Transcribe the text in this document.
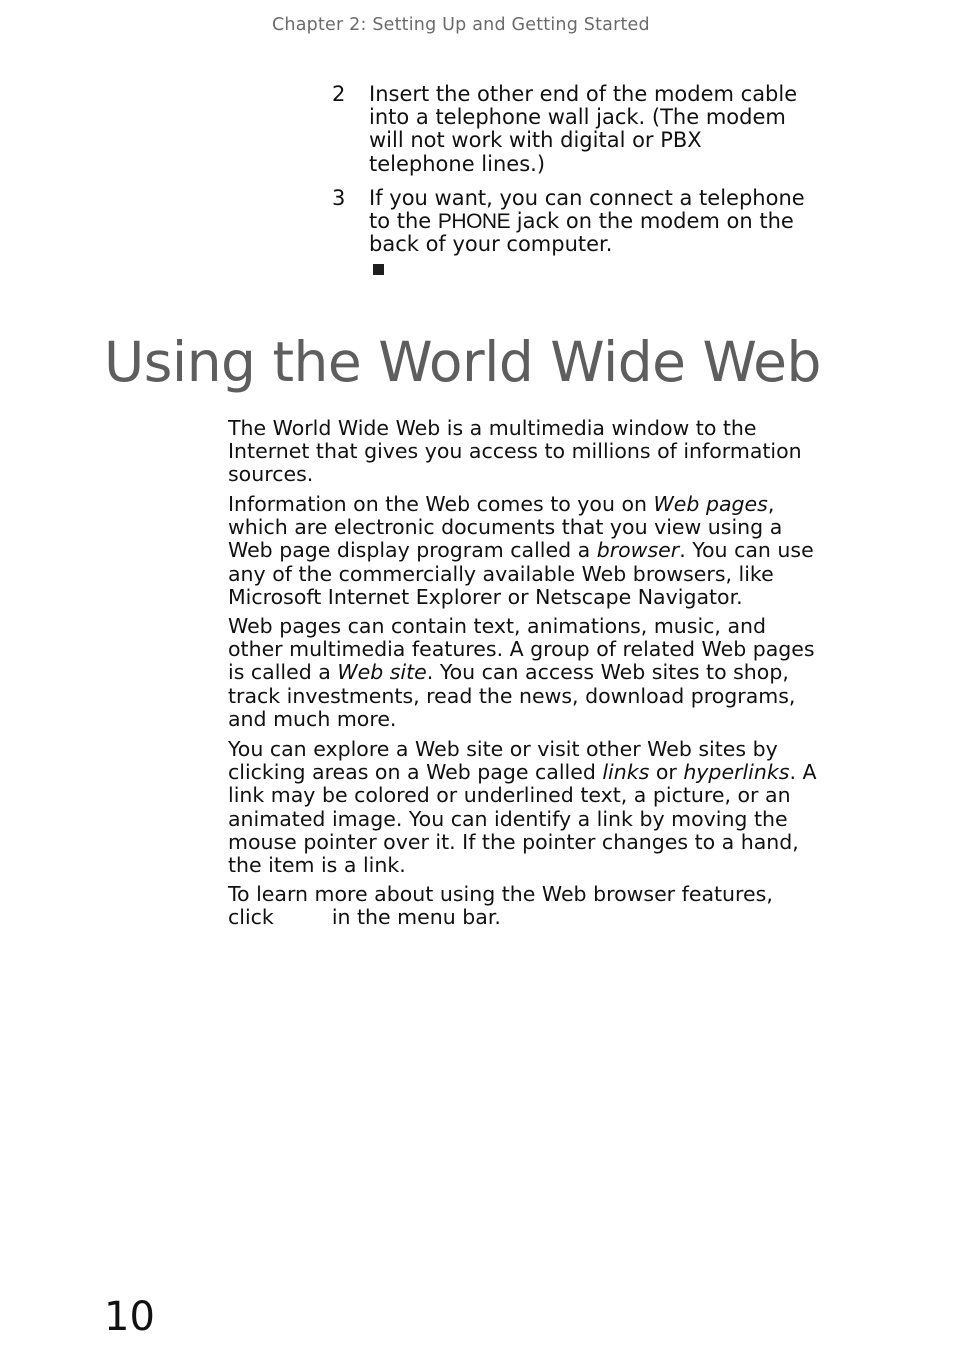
Chapter 2: Setting Up and Getting Started
2 Insert the other end of the modem cable into a telephone wall jack. (The modem will not work with digital or PBX telephone lines.)
3 If you want, you can connect a telephone to the PHONE jack on the modem on the back of your computer.
Using the World Wide Web

The World Wide Web is a multimedia window to the Internet that gives you access to millions of information sources.

Information on the Web comes to you on Web pages, which are electronic documents that you view using a Web page display program called a browser. You can use any of the commercially available Web browsers, like Microsoft Internet Explorer or Netscape Navigator.

Web pages can contain text, animations, music, and other multimedia features. A group of related Web pages is called a Web site. You can access Web sites to shop, track investments, read the news, download programs, and much more.

You can explore a Web site or visit other Web sites by clicking areas on a Web page called links or hyperlinks. A link may be colored or underlined text, a picture, or an animated image. You can identify a link by moving the mouse pointer over it. If the pointer changes to a hand, the item is a link.

To learn more about using the Web browser features, click	in the menu bar.

10
